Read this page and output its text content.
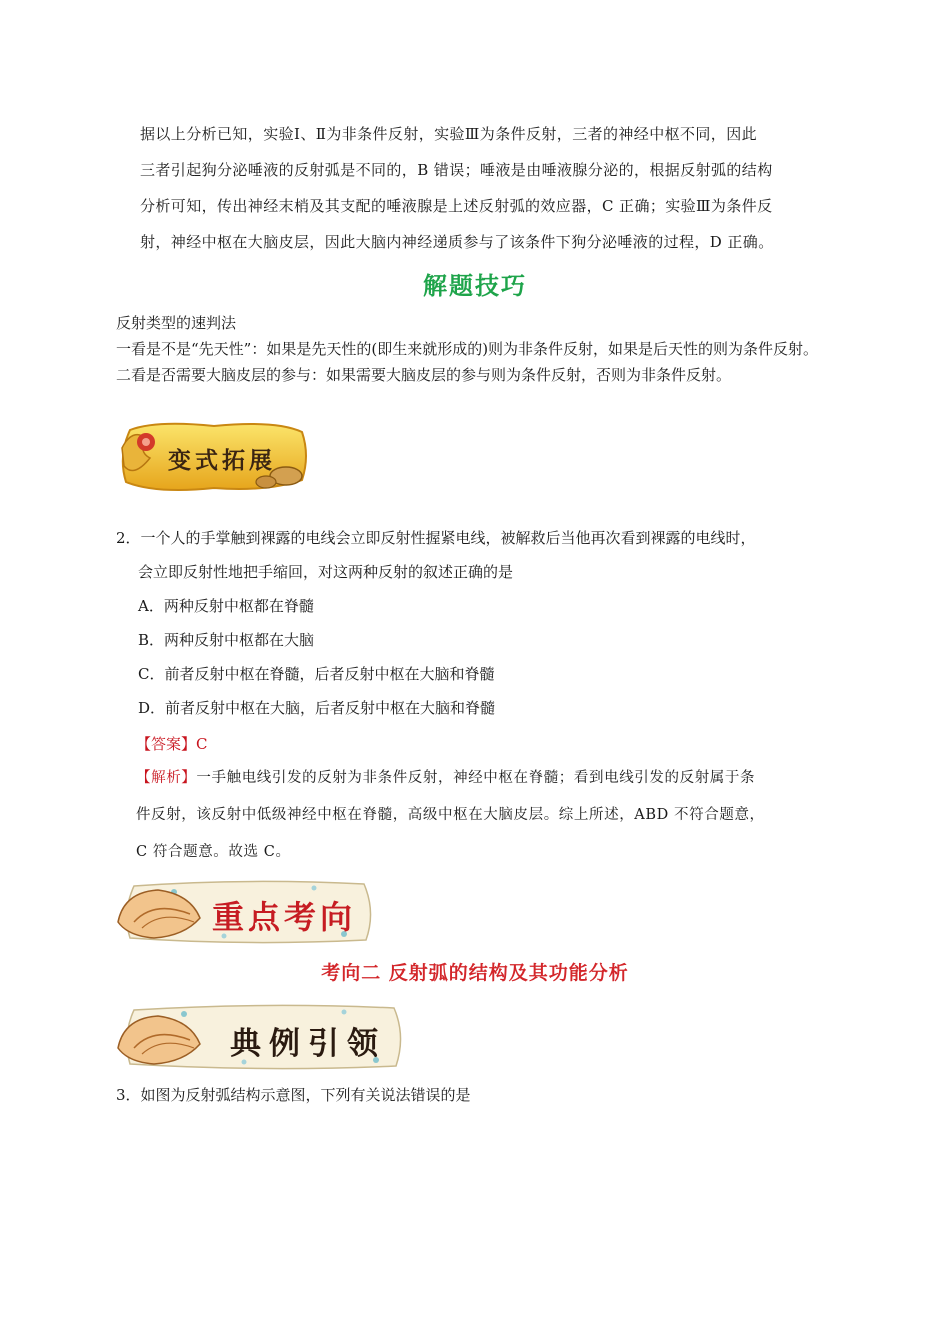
据以上分析已知，实验Ⅰ、Ⅱ为非条件反射，实验Ⅲ为条件反射，三者的神经中枢不同，因此

三者引起狗分泌唾液的反射弧是不同的，B 错误；唾液是由唾液腺分泌的，根据反射弧的结构

分析可知，传出神经末梢及其支配的唾液腺是上述反射弧的效应器，C 正确；实验Ⅲ为条件反

射，神经中枢在大脑皮层，因此大脑内神经递质参与了该条件下狗分泌唾液的过程，D 正确。

解题技巧

反射类型的速判法

一看是不是“先天性”：如果是先天性的(即生来就形成的)则为非条件反射，如果是后天性的则为条件反射。

二看是否需要大脑皮层的参与：如果需要大脑皮层的参与则为条件反射，否则为非条件反射。

变式拓展

2．一个人的手掌触到裸露的电线会立即反射性握紧电线，被解救后当他再次看到裸露的电线时，

会立即反射性地把手缩回，对这两种反射的叙述正确的是

A．两种反射中枢都在脊髓

B．两种反射中枢都在大脑

C．前者反射中枢在脊髓，后者反射中枢在大脑和脊髓

D．前者反射中枢在大脑，后者反射中枢在大脑和脊髓

【答案】C

【解析】一手触电线引发的反射为非条件反射，神经中枢在脊髓；看到电线引发的反射属于条

件反射，该反射中低级神经中枢在脊髓，高级中枢在大脑皮层。综上所述，ABD 不符合题意，

C 符合题意。故选 C。

重点考向
考向二 反射弧的结构及其功能分析
典例引领

3．如图为反射弧结构示意图，下列有关说法错误的是
